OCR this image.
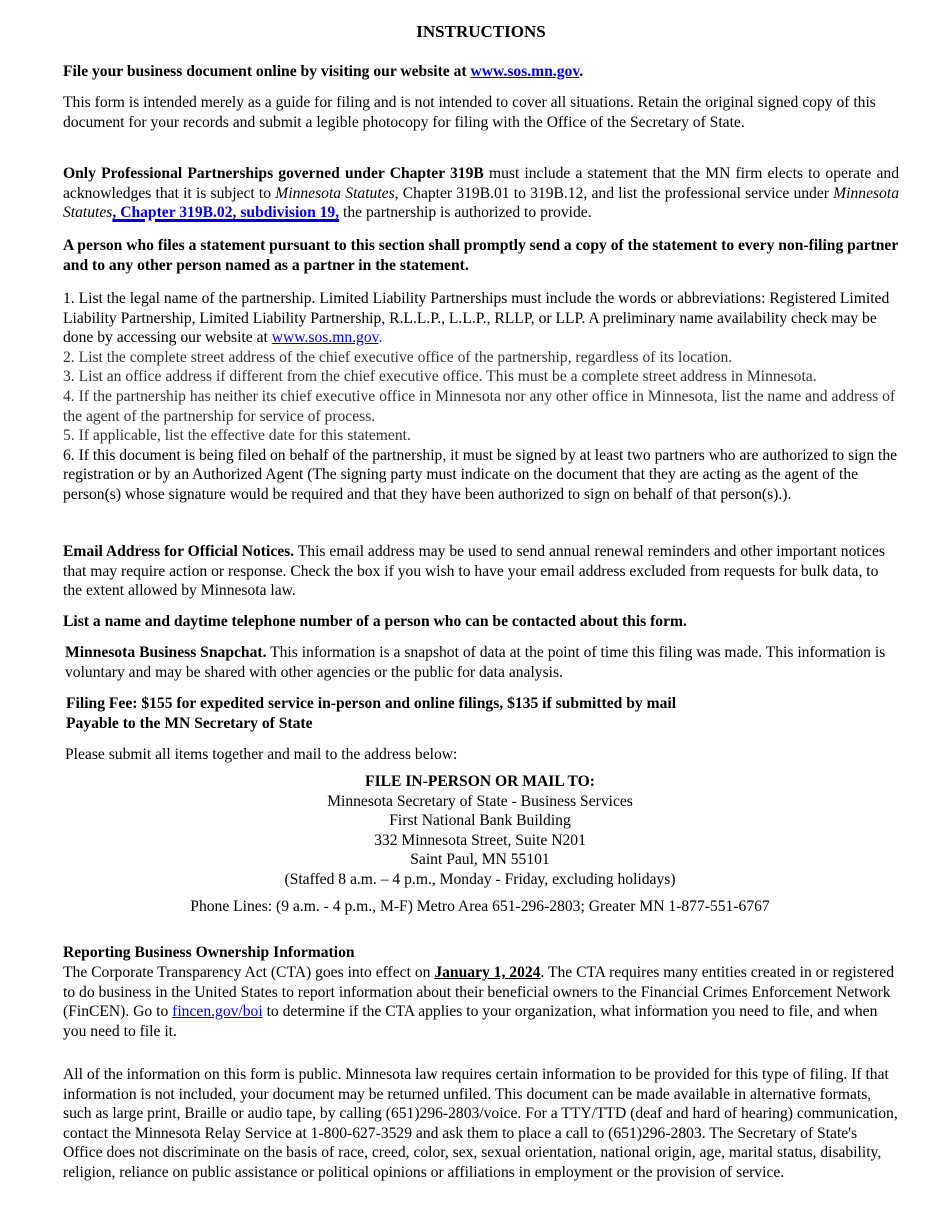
INSTRUCTIONS

File your business document online by visiting our website at www.sos.mn.gov.

This form is intended merely as a guide for filing and is not intended to cover all situations. Retain the original signed copy of this document for your records and submit a legible photocopy for filing with the Office of the Secretary of State.

Only Professional Partnerships governed under Chapter 319B must include a statement that the MN firm elects to operate and acknowledges that it is subject to Minnesota Statutes, Chapter 319B.01 to 319B.12, and list the professional service under Minnesota Statutes, Chapter 319B.02, subdivision 19, the partnership is authorized to provide.

A person who files a statement pursuant to this section shall promptly send a copy of the statement to every non-filing partner and to any other person named as a partner in the statement.

1. List the legal name of the partnership. Limited Liability Partnerships must include the words or abbreviations: Registered Limited Liability Partnership, Limited Liability Partnership, R.L.L.P., L.L.P., RLLP, or LLP. A preliminary name availability check may be done by accessing our website at www.sos.mn.gov.
2. List the complete street address of the chief executive office of the partnership, regardless of its location.
3. List an office address if different from the chief executive office. This must be a complete street address in Minnesota.
4. If the partnership has neither its chief executive office in Minnesota nor any other office in Minnesota, list the name and address of the agent of the partnership for service of process.
5. If applicable, list the effective date for this statement.
6. If this document is being filed on behalf of the partnership, it must be signed by at least two partners who are authorized to sign the registration or by an Authorized Agent (The signing party must indicate on the document that they are acting as the agent of the person(s) whose signature would be required and that they have been authorized to sign on behalf of that person(s).).

Email Address for Official Notices. This email address may be used to send annual renewal reminders and other important notices that may require action or response. Check the box if you wish to have your email address excluded from requests for bulk data, to the extent allowed by Minnesota law.

List a name and daytime telephone number of a person who can be contacted about this form.

Minnesota Business Snapchat. This information is a snapshot of data at the point of time this filing was made. This information is voluntary and may be shared with other agencies or the public for data analysis.

Filing Fee: $155 for expedited service in-person and online filings, $135 if submitted by mail
Payable to the MN Secretary of State

Please submit all items together and mail to the address below:

FILE IN-PERSON OR MAIL TO:
Minnesota Secretary of State - Business Services
First National Bank Building
332 Minnesota Street, Suite N201
Saint Paul, MN 55101
(Staffed 8 a.m. – 4 p.m., Monday - Friday, excluding holidays)

Phone Lines: (9 a.m. - 4 p.m., M-F) Metro Area 651-296-2803; Greater MN 1-877-551-6767

Reporting Business Ownership Information

The Corporate Transparency Act (CTA) goes into effect on January 1, 2024. The CTA requires many entities created in or registered to do business in the United States to report information about their beneficial owners to the Financial Crimes Enforcement Network (FinCEN). Go to fincen.gov/boi to determine if the CTA applies to your organization, what information you need to file, and when you need to file it.

All of the information on this form is public. Minnesota law requires certain information to be provided for this type of filing. If that information is not included, your document may be returned unfiled. This document can be made available in alternative formats, such as large print, Braille or audio tape, by calling (651)296-2803/voice. For a TTY/TTD (deaf and hard of hearing) communication, contact the Minnesota Relay Service at 1-800-627-3529 and ask them to place a call to (651)296-2803. The Secretary of State's Office does not discriminate on the basis of race, creed, color, sex, sexual orientation, national origin, age, marital status, disability, religion, reliance on public assistance or political opinions or affiliations in employment or the provision of service.
